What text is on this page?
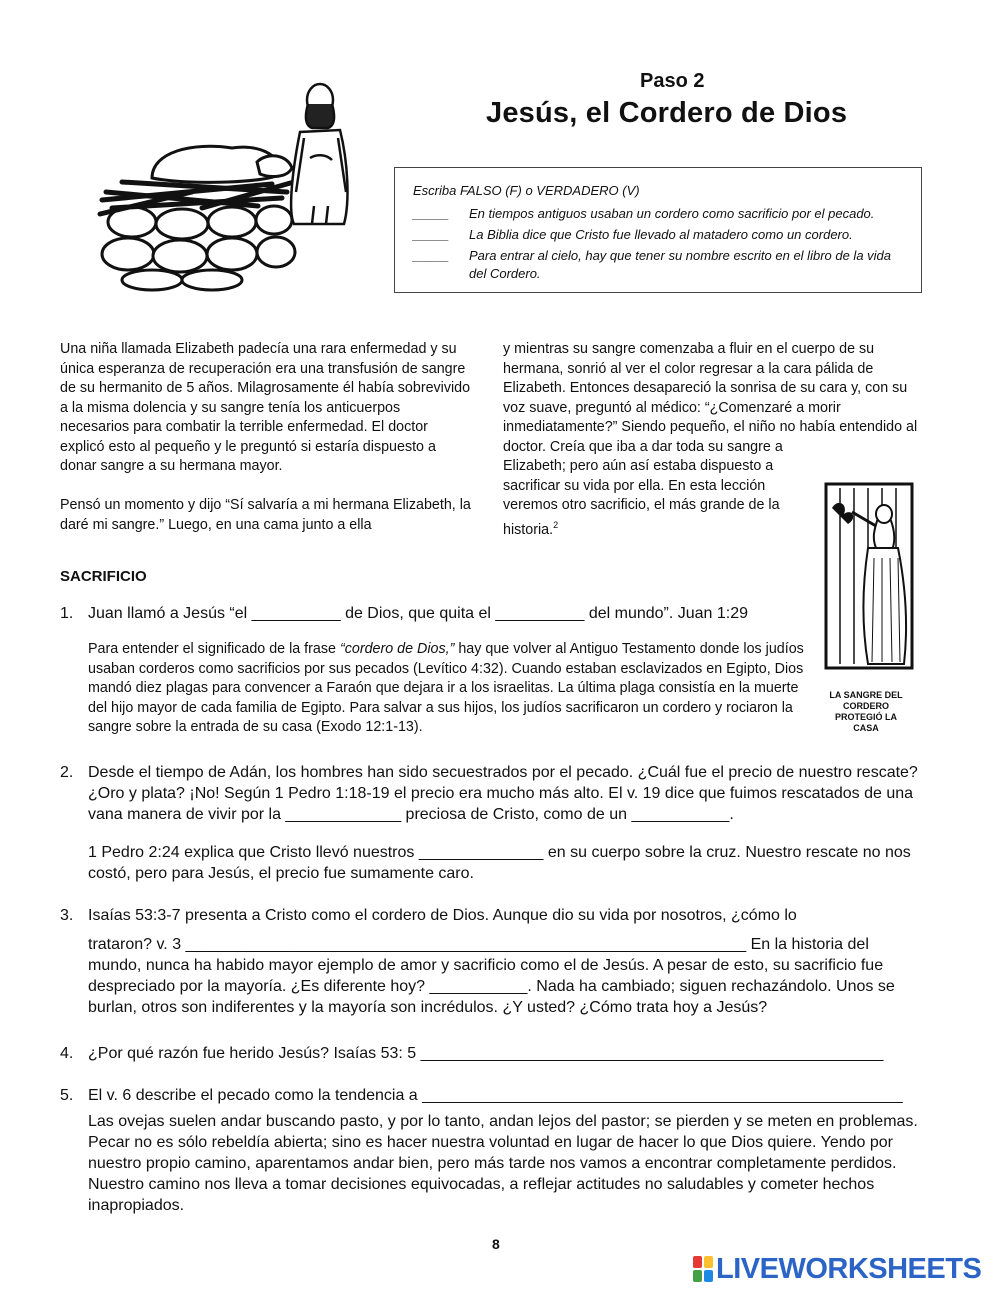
Paso 2
Jesús, el Cordero de Dios
Escriba FALSO (F) o VERDADERO (V)
_____ En tiempos antiguos usaban un cordero como sacrificio por el pecado.
_____ La Biblia dice que Cristo fue llevado al matadero como un cordero.
_____ Para entrar al cielo, hay que tener su nombre escrito en el libro de la vida del Cordero.

Una niña llamada Elizabeth padecía una rara enfermedad y su única esperanza de recuperación era una transfusión de sangre de su hermanito de 5 años. Milagrosamente él había sobrevivido a la misma dolencia y su sangre tenía los anticuerpos necesarios para combatir la terrible enfermedad. El doctor explicó esto al pequeño y le preguntó si estaría dispuesto a donar sangre a su hermana mayor.

Pensó un momento y dijo “Sí salvaría a mi hermana Elizabeth, la daré mi sangre.” Luego, en una cama junto a ella

y mientras su sangre comenzaba a fluir en el cuerpo de su hermana, sonrió al ver el color regresar a la cara pálida de Elizabeth. Entonces desapareció la sonrisa de su cara y, con su voz suave, preguntó al médico: “¿Comenzaré a morir inmediatamente?” Siendo pequeño, el niño no había entendido al doctor. Creía que iba a dar toda su sangre a

Elizabeth; pero aún así estaba dispuesto a sacrificar su vida por ella. En esta lección veremos otro sacrificio, el más grande de la historia.$^2$
LA SANGRE DEL CORDERO PROTEGIÓ LA CASA
SACRIFICIO
1. Juan llamó a Jesús “el __________ de Dios, que quita el __________ del mundo”. Juan 1:29
Para entender el significado de la frase “cordero de Dios,” hay que volver al Antiguo Testamento donde los judíos usaban corderos como sacrificios por sus pecados (Levítico 4:32). Cuando estaban esclavizados en Egipto, Dios mandó diez plagas para convencer a Faraón que dejara ir a los israelitas. La última plaga consistía en la muerte del hijo mayor de cada familia de Egipto. Para salvar a sus hijos, los judíos sacrificaron un cordero y rociaron la sangre sobre la entrada de su casa (Exodo 12:1-13).
2. Desde el tiempo de Adán, los hombres han sido secuestrados por el pecado. ¿Cuál fue el precio de nuestro rescate? ¿Oro y plata? ¡No! Según 1 Pedro 1:18-19 el precio era mucho más alto. El v. 19 dice que fuimos rescatados de una vana manera de vivir por la _____________ preciosa de Cristo, como de un ___________.
1 Pedro 2:24 explica que Cristo llevó nuestros ______________ en su cuerpo sobre la cruz. Nuestro rescate no nos costó, pero para Jesús, el precio fue sumamente caro.
3. Isaías 53:3-7 presenta a Cristo como el cordero de Dios. Aunque dio su vida por nosotros, ¿cómo lo
trataron? v. 3 _______________________________________________________________ En la historia del mundo, nunca ha habido mayor ejemplo de amor y sacrificio como el de Jesús. A pesar de esto, su sacrificio fue despreciado por la mayoría. ¿Es diferente hoy? ___________. Nada ha cambiado; siguen rechazándolo. Unos se burlan, otros son indiferentes y la mayoría son incrédulos. ¿Y usted? ¿Cómo trata hoy a Jesús?
4. ¿Por qué razón fue herido Jesús? Isaías 53: 5 ____________________________________________________
5. El v. 6 describe el pecado como la tendencia a ______________________________________________________
Las ovejas suelen andar buscando pasto, y por lo tanto, andan lejos del pastor; se pierden y se meten en problemas. Pecar no es sólo rebeldía abierta; sino es hacer nuestra voluntad en lugar de hacer lo que Dios quiere. Yendo por nuestro propio camino, aparentamos andar bien, pero más tarde nos vamos a encontrar completamente perdidos. Nuestro camino nos lleva a tomar decisiones equivocadas, a reflejar actitudes no saludables y cometer hechos inapropiados.
8
LIVEWORKSHEETS
